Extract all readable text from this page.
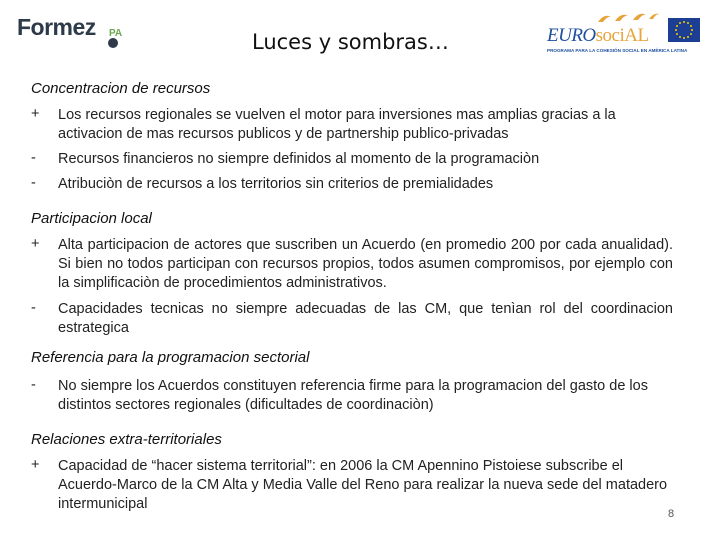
Formez PA	Luces y sombras…	EUROsociAL
PROGRAMA PARA LA COHESIÓN SOCIAL EN AMÉRICA LATINA
Concentracion de recursos
+ Los recursos regionales se vuelven el motor para inversiones mas amplias gracias a la activacion de mas recursos publicos y de partnership publico-privadas
- Recursos financieros no siempre definidos al momento de la programaciòn
- Atribuciòn de recursos a los territorios sin criterios de premialidades
Participacion local
+ Alta participacion de actores que suscriben un Acuerdo (en promedio 200 por cada anualidad). Si bien no todos participan con recursos propios, todos asumen compromisos, por ejemplo con la simplificaciòn de procedimientos administrativos.
- Capacidades tecnicas no siempre adecuadas de las CM, que tenìan rol del coordinacion estrategica
Referencia para la programacion sectorial
- No siempre los Acuerdos constituyen referencia firme para la programacion del gasto de los distintos sectores regionales (dificultades de coordinaciòn)
Relaciones extra-territoriales
+ Capacidad de “hacer sistema territorial”: en 2006 la CM Apennino Pistoiese subscribe el Acuerdo-Marco de la CM Alta y Media Valle del Reno para realizar la nueva sede del matadero intermunicipal
8
